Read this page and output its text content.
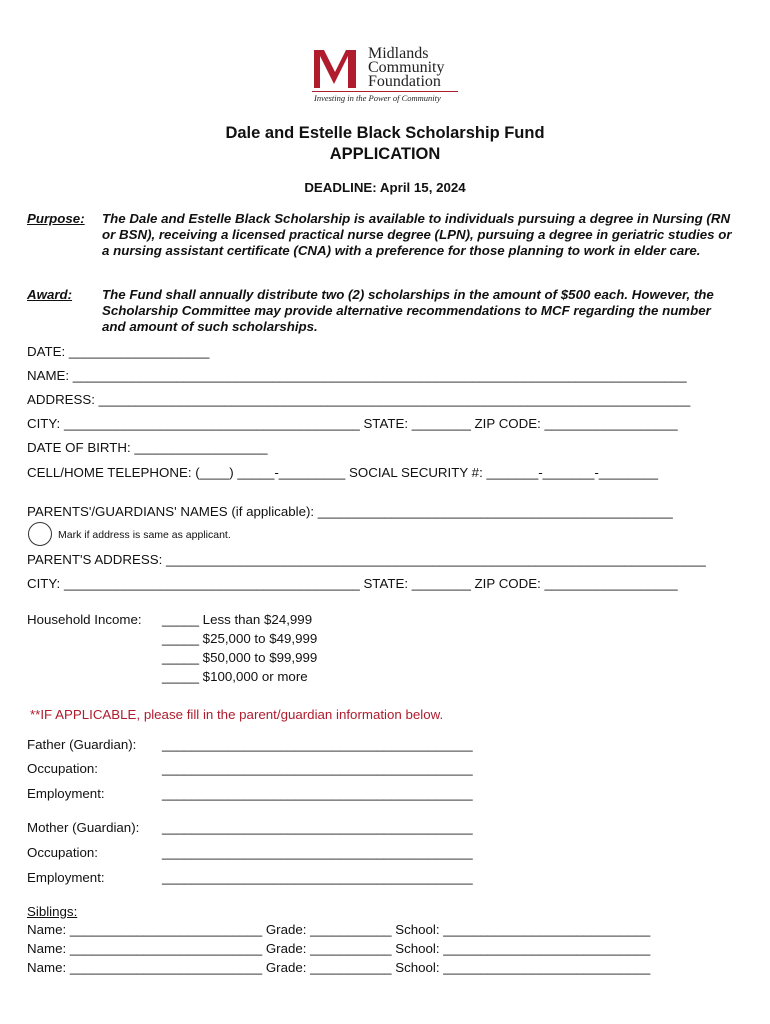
Midlands
Community
Foundation
Investing in the Power of Community
Dale and Estelle Black Scholarship Fund
APPLICATION
DEADLINE: April 15, 2024
Purpose: The Dale and Estelle Black Scholarship is available to individuals pursuing a degree in Nursing (RN or BSN), receiving a licensed practical nurse degree (LPN), pursuing a degree in geriatric studies or a nursing assistant certificate (CNA) with a preference for those planning to work in elder care.
Award: The Fund shall annually distribute two (2) scholarships in the amount of $500 each. However, the Scholarship Committee may provide alternative recommendations to MCF regarding the number and amount of such scholarships.
DATE: ___________________
NAME: ___________________________________________________________________________________
ADDRESS: ________________________________________________________________________________
CITY: ________________________________________ STATE: ________ ZIP CODE: __________________
DATE OF BIRTH: __________________
CELL/HOME TELEPHONE: (____) _____-_________ SOCIAL SECURITY #: _______-_______-________
PARENTS'/GUARDIANS' NAMES (if applicable): ________________________________________________
Mark if address is same as applicant.
PARENT'S ADDRESS: _________________________________________________________________________
CITY: ________________________________________ STATE: ________ ZIP CODE: __________________
Household Income: _____ Less than $24,999
_____ $25,000 to $49,999
_____ $50,000 to $99,999
_____ $100,000 or more
**IF APPLICABLE, please fill in the parent/guardian information below.
Father (Guardian): __________________________________________
Occupation:	__________________________________________
Employment:	__________________________________________
Mother (Guardian): __________________________________________
Occupation:	__________________________________________
Employment:	__________________________________________
Siblings:
Name: __________________________ Grade: ___________ School: ____________________________
Name: __________________________ Grade: ___________ School: ____________________________
Name: __________________________ Grade: ___________ School: ____________________________
